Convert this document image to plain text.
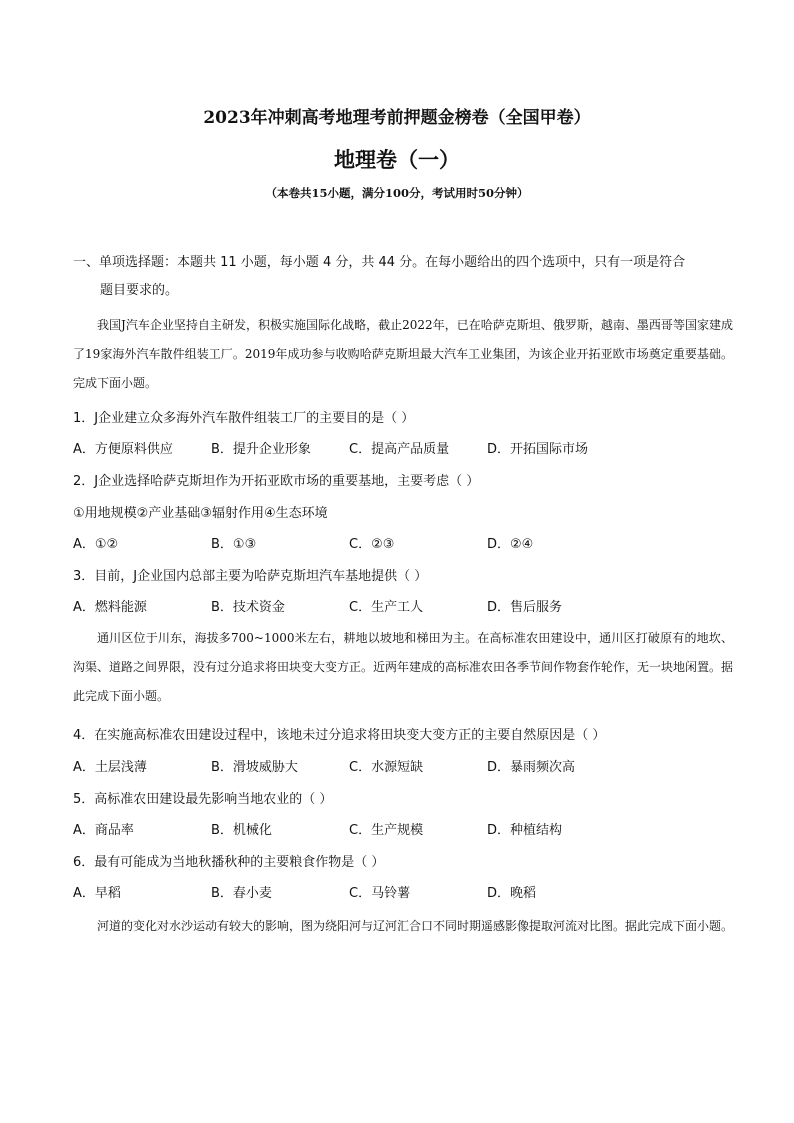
2023年冲刺高考地理考前押题金榜卷（全国甲卷）
地理卷（一）
（本卷共15小题，满分100分，考试用时50分钟）
一、单项选择题：本题共 11 小题，每小题 4 分，共 44 分。在每小题给出的四个选项中，只有一项是符合
题目要求的。
我国J汽车企业坚持自主研发，积极实施国际化战略，截止2022年，已在哈萨克斯坦、俄罗斯，越南、墨西哥等国家建成了19家海外汽车散件组装工厂。2019年成功参与收购哈萨克斯坦最大汽车工业集团，为该企业开拓亚欧市场奠定重要基础。完成下面小题。
1．J企业建立众多海外汽车散件组装工厂的主要目的是（ ）
A．方便原料供应	B．提升企业形象	C．提高产品质量	D．开拓国际市场
2．J企业选择哈萨克斯坦作为开拓亚欧市场的重要基地，主要考虑（ ）
①用地规模②产业基础③辐射作用④生态环境
A．①②	B．①③	C．②③	D．②④
3．目前，J企业国内总部主要为哈萨克斯坦汽车基地提供（ ）
A．燃料能源	B．技术资金	C．生产工人	D．售后服务
通川区位于川东，海拔多700~1000米左右，耕地以坡地和梯田为主。在高标准农田建设中，通川区打破原有的地坎、沟渠、道路之间界限，没有过分追求将田块变大变方正。近两年建成的高标准农田各季节间作物套作轮作，无一块地闲置。据此完成下面小题。
4．在实施高标准农田建设过程中，该地未过分追求将田块变大变方正的主要自然原因是（ ）
A．土层浅薄	B．滑坡威胁大	C．水源短缺	D．暴雨频次高
5．高标准农田建设最先影响当地农业的（ ）
A．商品率	B．机械化	C．生产规模	D．种植结构
6．最有可能成为当地秋播秋种的主要粮食作物是（ ）
A．早稻	B．春小麦	C．马铃薯	D．晚稻
河道的变化对水沙运动有较大的影响，图为绕阳河与辽河汇合口不同时期遥感影像提取河流对比图。据此完成下面小题。
